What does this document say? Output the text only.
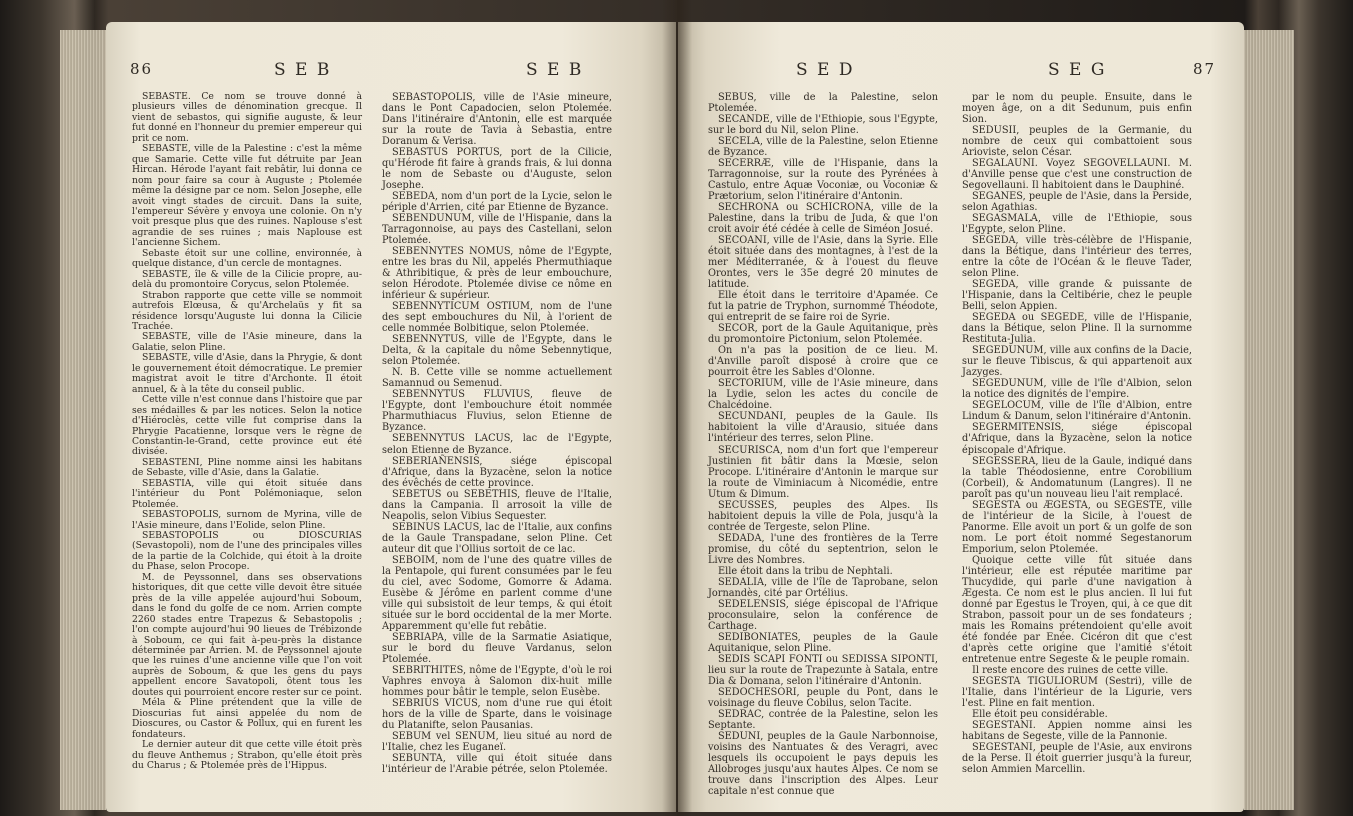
86	S E B	S E B

SEBASTE. Ce nom se trouve donné à plusieurs villes de dénomination grecque. Il vient de sebastos, qui signifie auguste, & leur fut donné en l'honneur du premier empereur qui prit ce nom.

SEBASTE, ville de la Palestine : c'est la même que Samarie. Cette ville fut détruite par Jean Hircan. Hérode l'ayant fait rebâtir, lui donna ce nom pour faire sa cour à Auguste ; Ptolemée même la désigne par ce nom. Selon Josephe, elle avoit vingt stades de circuit. Dans la suite, l'empereur Sévère y envoya une colonie. On n'y voit presque plus que des ruines. Naplouse s'est agrandie de ses ruines ; mais Naplouse est l'ancienne Sichem.

Sebaste étoit sur une colline, environnée, à quelque distance, d'un cercle de montagnes.

SEBASTE, île & ville de la Cilicie propre, au-delà du promontoire Corycus, selon Ptolemée.

Strabon rapporte que cette ville se nommoit autrefois Elœusa, & qu'Archelaüs y fit sa résidence lorsqu'Auguste lui donna la Cilicie Trachée.

SEBASTE, ville de l'Asie mineure, dans la Galatie, selon Pline.

SEBASTE, ville d'Asie, dans la Phrygie, & dont le gouvernement étoit démocratique. Le premier magistrat avoit le titre d'Archonte. Il étoit annuel, & à la tête du conseil public.

Cette ville n'est connue dans l'histoire que par ses médailles & par les notices. Selon la notice d'Hiéroclès, cette ville fut comprise dans la Phrygie Pacatienne, lorsque vers le règne de Constantin-le-Grand, cette province eut été divisée.

SEBASTENI, Pline nomme ainsi les habitans de Sebaste, ville d'Asie, dans la Galatie.

SEBASTIA, ville qui étoit située dans l'intérieur du Pont Polémoniaque, selon Ptolemée.

SEBASTOPOLIS, surnom de Myrina, ville de l'Asie mineure, dans l'Eolide, selon Pline.

SEBASTOPOLIS ou DIOSCURIAS (Sevastopoli), nom de l'une des principales villes de la partie de la Colchide, qui étoit à la droite du Phase, selon Procope.

M. de Peyssonnel, dans ses observations historiques, dit que cette ville devoit être située près de la ville appelée aujourd'hui Soboum, dans le fond du golfe de ce nom. Arrien compte 2260 stades entre Trapezus & Sebastopolis ; l'on compte aujourd'hui 90 lieues de Trébizonde à Soboum, ce qui fait à-peu-près la distance déterminée par Arrien. M. de Peyssonnel ajoute que les ruines d'une ancienne ville que l'on voit auprès de Soboum, & que les gens du pays appellent encore Savatopoli, ôtent tous les doutes qui pourroient encore rester sur ce point.

Méla & Pline prétendent que la ville de Dioscurias fut ainsi appelée du nom de Dioscures, ou Castor & Pollux, qui en furent les fondateurs.

Le dernier auteur dit que cette ville étoit près du fleuve Anthemus ; Strabon, qu'elle étoit près du Charus ; & Ptolemée près de l'Hippus.

SEBASTOPOLIS, ville de l'Asie mineure, dans le Pont Capadocien, selon Ptolemée. Dans l'itinéraire d'Antonin, elle est marquée sur la route de Tavia à Sebastia, entre Doranum & Verisa.

SEBASTUS PORTUS, port de la Cilicie, qu'Hérode fit faire à grands frais, & lui donna le nom de Sebaste ou d'Auguste, selon Josephe.

SEBEDA, nom d'un port de la Lycie, selon le périple d'Arrien, cité par Etienne de Byzance.

SEBENDUNUM, ville de l'Hispanie, dans la Tarragonnoise, au pays des Castellani, selon Ptolemée.

SEBENNYTES NOMUS, nôme de l'Egypte, entre les bras du Nil, appelés Phermuthiaque & Athribitique, & près de leur embouchure, selon Hérodote. Ptolemée divise ce nôme en inférieur & supérieur.

SEBENNYTICUM OSTIUM, nom de l'une des sept embouchures du Nil, à l'orient de celle nommée Bolbitique, selon Ptolemée.

SEBENNYTUS, ville de l'Egypte, dans le Delta, & la capitale du nôme Sebennytique, selon Ptolemée.

N. B. Cette ville se nomme actuellement Samannud ou Semenud.

SEBENNYTUS FLUVIUS, fleuve de l'Egypte, dont l'embouchure étoit nommée Pharmuthiacus Fluvius, selon Etienne de Byzance.

SEBENNYTUS LACUS, lac de l'Egypte, selon Etienne de Byzance.

SEBERIAÑENSIS, siége épiscopal d'Afrique, dans la Byzacène, selon la notice des évêchés de cette province.

SEBETUS ou SEBETHIS, fleuve de l'Italie, dans la Campania. Il arrosoit la ville de Neapolis, selon Vibius Sequester.

SEBINUS LACUS, lac de l'Italie, aux confins de la Gaule Transpadane, selon Pline. Cet auteur dit que l'Ollius sortoit de ce lac.

SEBOIM, nom de l'une des quatre villes de la Pentapole, qui furent consumées par le feu du ciel, avec Sodome, Gomorre & Adama. Eusèbe & Jérôme en parlent comme d'une ville qui subsistoit de leur temps, & qui étoit située sur le bord occidental de la mer Morte. Apparemment qu'elle fut rebâtie.

SEBRIAPA, ville de la Sarmatie Asiatique, sur le bord du fleuve Vardanus, selon Ptolemée.

SEBRITHITES, nôme de l'Egypte, d'où le roi Vaphres envoya à Salomon dix-huit mille hommes pour bâtir le temple, selon Eusèbe.

SEBRIUS VICUS, nom d'une rue qui étoit hors de la ville de Sparte, dans le voisinage du Platanifte, selon Pausanias.

SEBUM vel SENUM, lieu situé au nord de l'Italie, chez les Euganeï.

SEBUNTA, ville qui étoit située dans l'intérieur de l'Arabie pétrée, selon Ptolemée.

S E D	S E G	87

SEBUS, ville de la Palestine, selon Ptolemée.

SECANDE, ville de l'Ethiopie, sous l'Egypte, sur le bord du Nil, selon Pline.

SECELA, ville de la Palestine, selon Etienne de Byzance.

SECERRÆ, ville de l'Hispanie, dans la Tarragonnoise, sur la route des Pyrénées à Castulo, entre Aquæ Voconiæ, ou Voconiæ & Prætorium, selon l'itinéraire d'Antonin.

SECHRONA ou SCHICRONA, ville de la Palestine, dans la tribu de Juda, & que l'on croit avoir été cédée à celle de Siméon Josué.

SECOANI, ville de l'Asie, dans la Syrie. Elle étoit située dans des montagnes, à l'est de la mer Méditerranée, & à l'ouest du fleuve Orontes, vers le 35e degré 20 minutes de latitude.

Elle étoit dans le territoire d'Apamée. Ce fut la patrie de Tryphon, surnommé Théodote, qui entreprit de se faire roi de Syrie.

SECOR, port de la Gaule Aquitanique, près du promontoire Pictonium, selon Ptolemée.

On n'a pas la position de ce lieu. M. d'Anville paroît disposé à croire que ce pourroit être les Sables d'Olonne.

SECTORIUM, ville de l'Asie mineure, dans la Lydie, selon les actes du concile de Chalcédoine.

SECUNDANI, peuples de la Gaule. Ils habitoient la ville d'Arausio, située dans l'intérieur des terres, selon Pline.

SECURISCA, nom d'un fort que l'empereur Justinien fit bâtir dans la Mœsie, selon Procope. L'itinéraire d'Antonin le marque sur la route de Viminiacum à Nicomédie, entre Utum & Dimum.

SECUSSES, peuples des Alpes. Ils habitoient depuis la ville de Pola, jusqu'à la contrée de Tergeste, selon Pline.

SEDADA, l'une des frontières de la Terre promise, du côté du septentrion, selon le Livre des Nombres.

Elle étoit dans la tribu de Nephtali.

SEDALIA, ville de l'île de Taprobane, selon Jornandès, cité par Ortélius.

SEDELENSIS, siége épiscopal de l'Afrique proconsulaire, selon la conférence de Carthage.

SEDIBONIATES, peuples de la Gaule Aquitanique, selon Pline.

SEDIS SCAPI FONTI ou SEDISSA SIPONTI, lieu sur la route de Trapezunte à Satala, entre Dia & Domana, selon l'itinéraire d'Antonin.

SEDOCHESORI, peuple du Pont, dans le voisinage du fleuve Cobilus, selon Tacite.

SEDRAC, contrée de la Palestine, selon les Septante.

SEDUNI, peuples de la Gaule Narbonnoise, voisins des Nantuates & des Veragri, avec lesquels ils occupoient le pays depuis les Allobroges jusqu'aux hautes Alpes. Ce nom se trouve dans l'inscription des Alpes. Leur capitale n'est connue que

par le nom du peuple. Ensuite, dans le moyen âge, on a dit Sedunum, puis enfin Sion.

SEDUSII, peuples de la Germanie, du nombre de ceux qui combattoient sous Arioviste, selon César.

SEGALAUNI. Voyez SEGOVELLAUNI. M. d'Anville pense que c'est une construction de Segovellauni. Il habitoient dans le Dauphiné.

SEGANES, peuple de l'Asie, dans la Perside, selon Agathias.

SEGASMALA, ville de l'Ethiopie, sous l'Egypte, selon Pline.

SEGEDA, ville très-célèbre de l'Hispanie, dans la Bétique, dans l'intérieur des terres, entre la côte de l'Océan & le fleuve Tader, selon Pline.

SEGEDA, ville grande & puissante de l'Hispanie, dans la Celtibérie, chez le peuple Belli, selon Appien.

SEGEDA ou SEGEDE, ville de l'Hispanie, dans la Bétique, selon Pline. Il la surnomme Restituta-Julia.

SEGEDUNUM, ville aux confins de la Dacie, sur le fleuve Tibiscus, & qui appartenoit aux Jazyges.

SEGEDUNUM, ville de l'île d'Albion, selon la notice des dignités de l'empire.

SEGELOCUM, ville de l'île d'Albion, entre Lindum & Danum, selon l'itinéraire d'Antonin.

SEGERMITENSIS, siége épiscopal d'Afrique, dans la Byzacène, selon la notice épiscopale d'Afrique.

SEGESSERA, lieu de la Gaule, indiqué dans la table Théodosienne, entre Corobilium (Corbeil), & Andomatunum (Langres). Il ne paroît pas qu'un nouveau lieu l'ait remplacé.

SEGESTA ou ÆGESTA, ou SEGESTE, ville de l'intérieur de la Sicile, à l'ouest de Panorme. Elle avoit un port & un golfe de son nom. Le port étoit nommé Segestanorum Emporium, selon Ptolemée.

Quoique cette ville fût située dans l'intérieur, elle est réputée maritime par Thucydide, qui parle d'une navigation à Ægesta. Ce nom est le plus ancien. Il lui fut donné par Egestus le Troyen, qui, à ce que dit Strabon, passoit pour un de ses fondateurs ; mais les Romains prétendoient qu'elle avoit été fondée par Enée. Cicéron dit que c'est d'après cette origine que l'amitié s'étoit entretenue entre Segeste & le peuple romain.

Il reste encore des ruines de cette ville.

SEGESTA TIGULIORUM (Sestri), ville de l'Italie, dans l'intérieur de la Ligurie, vers l'est. Pline en fait mention.

Elle étoit peu considérable.

SEGESTANI. Appien nomme ainsi les habitans de Segeste, ville de la Pannonie.

SEGESTANI, peuple de l'Asie, aux environs de la Perse. Il étoit guerrier jusqu'à la fureur, selon Ammien Marcellin.
